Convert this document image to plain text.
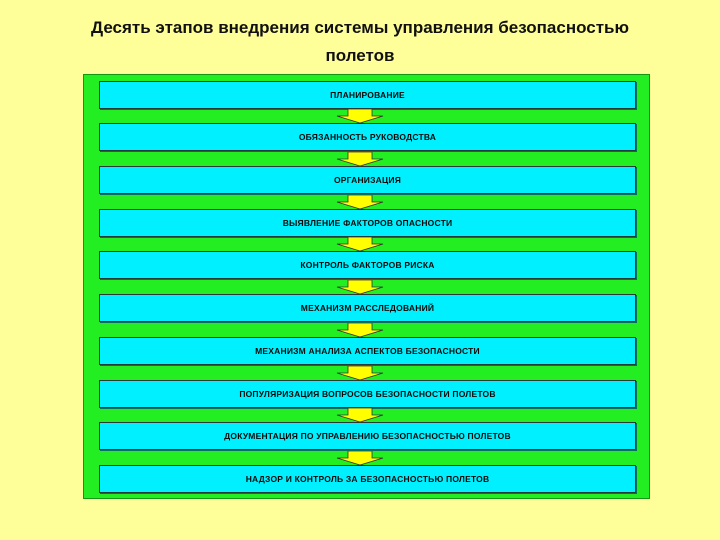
Десять этапов внедрения системы управления безопасностью
полетов
ПЛАНИРОВАНИЕ
ОБЯЗАННОСТЬ РУКОВОДСТВА
ОРГАНИЗАЦИЯ
ВЫЯВЛЕНИЕ ФАКТОРОВ ОПАСНОСТИ
КОНТРОЛЬ ФАКТОРОВ РИСКА
МЕХАНИЗМ РАССЛЕДОВАНИЙ
МЕХАНИЗМ АНАЛИЗА АСПЕКТОВ БЕЗОПАСНОСТИ
ПОПУЛЯРИЗАЦИЯ ВОПРОСОВ БЕЗОПАСНОСТИ ПОЛЕТОВ
ДОКУМЕНТАЦИЯ ПО УПРАВЛЕНИЮ БЕЗОПАСНОСТЬЮ ПОЛЕТОВ
НАДЗОР И КОНТРОЛЬ ЗА БЕЗОПАСНОСТЬЮ ПОЛЕТОВ
